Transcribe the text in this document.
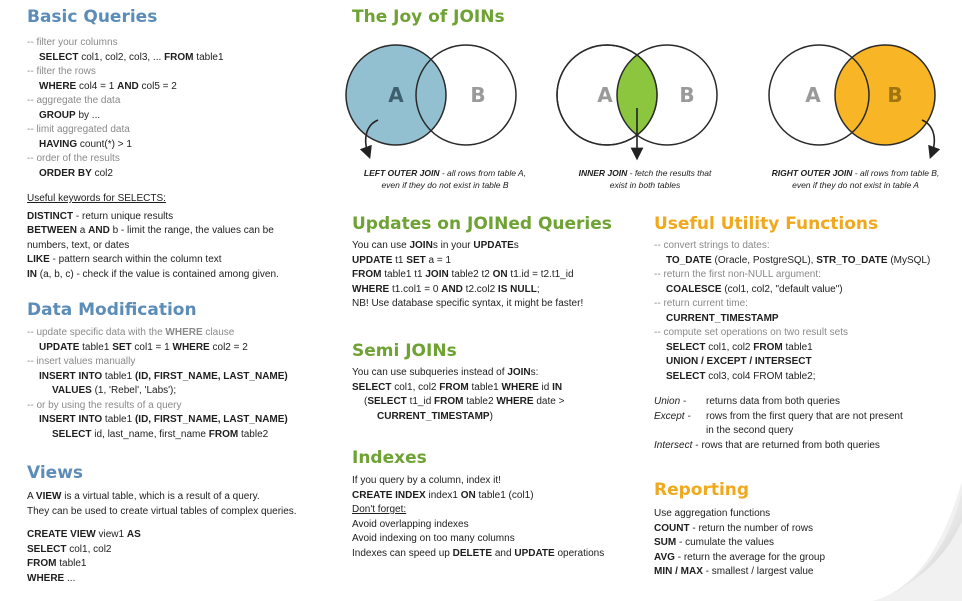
Basic Queries
-- filter your columns
SELECT col1, col2, col3, ... FROM table1
-- filter the rows
WHERE col4 = 1 AND col5 = 2
-- aggregate the data
GROUP by ...
-- limit aggregated data
HAVING count(*) > 1
-- order of the results
ORDER BY col2
Useful keywords for SELECTS:
DISTINCT - return unique results
BETWEEN a AND b - limit the range, the values can be
numbers, text, or dates
LIKE - pattern search within the column text
IN (a, b, c) - check if the value is contained among given.
Data Modification
-- update specific data with the WHERE clause
UPDATE table1 SET col1 = 1 WHERE col2 = 2
-- insert values manually
INSERT INTO table1 (ID, FIRST_NAME, LAST_NAME)
VALUES (1, 'Rebel', 'Labs');
-- or by using the results of a query
INSERT INTO table1 (ID, FIRST_NAME, LAST_NAME)
SELECT id, last_name, first_name FROM table2
Views
A VIEW is a virtual table, which is a result of a query.
They can be used to create virtual tables of complex queries.
CREATE VIEW view1 AS
SELECT col1, col2
FROM table1
WHERE ...
The Joy of JOINs
A	B	A	B	A	B
LEFT OUTER JOIN - all rows from table A,
even if they do not exist in table B
INNER JOIN - fetch the results that
exist in both tables
RIGHT OUTER JOIN - all rows from table B,
even if they do not exist in table A
Updates on JOINed Queries
You can use JOINs in your UPDATEs
UPDATE t1 SET a = 1
FROM table1 t1 JOIN table2 t2 ON t1.id = t2.t1_id
WHERE t1.col1 = 0 AND t2.col2 IS NULL;
NB! Use database specific syntax, it might be faster!
Semi JOINs
You can use subqueries instead of JOINs:
SELECT col1, col2 FROM table1 WHERE id IN
(SELECT t1_id FROM table2 WHERE date >
CURRENT_TIMESTAMP)
Indexes
If you query by a column, index it!
CREATE INDEX index1 ON table1 (col1)
Don't forget:
Avoid overlapping indexes
Avoid indexing on too many columns
Indexes can speed up DELETE and UPDATE operations
Useful Utility Functions
-- convert strings to dates:
TO_DATE (Oracle, PostgreSQL), STR_TO_DATE (MySQL)
-- return the first non-NULL argument:
COALESCE (col1, col2, "default value")
-- return current time:
CURRENT_TIMESTAMP
-- compute set operations on two result sets
SELECT col1, col2 FROM table1
UNION / EXCEPT / INTERSECT
SELECT col3, col4 FROM table2;
Union - returns data from both queries
Except - rows from the first query that are not present
in the second query
Intersect - rows that are returned from both queries
Reporting
Use aggregation functions
COUNT - return the number of rows
SUM - cumulate the values
AVG - return the average for the group
MIN / MAX - smallest / largest value
